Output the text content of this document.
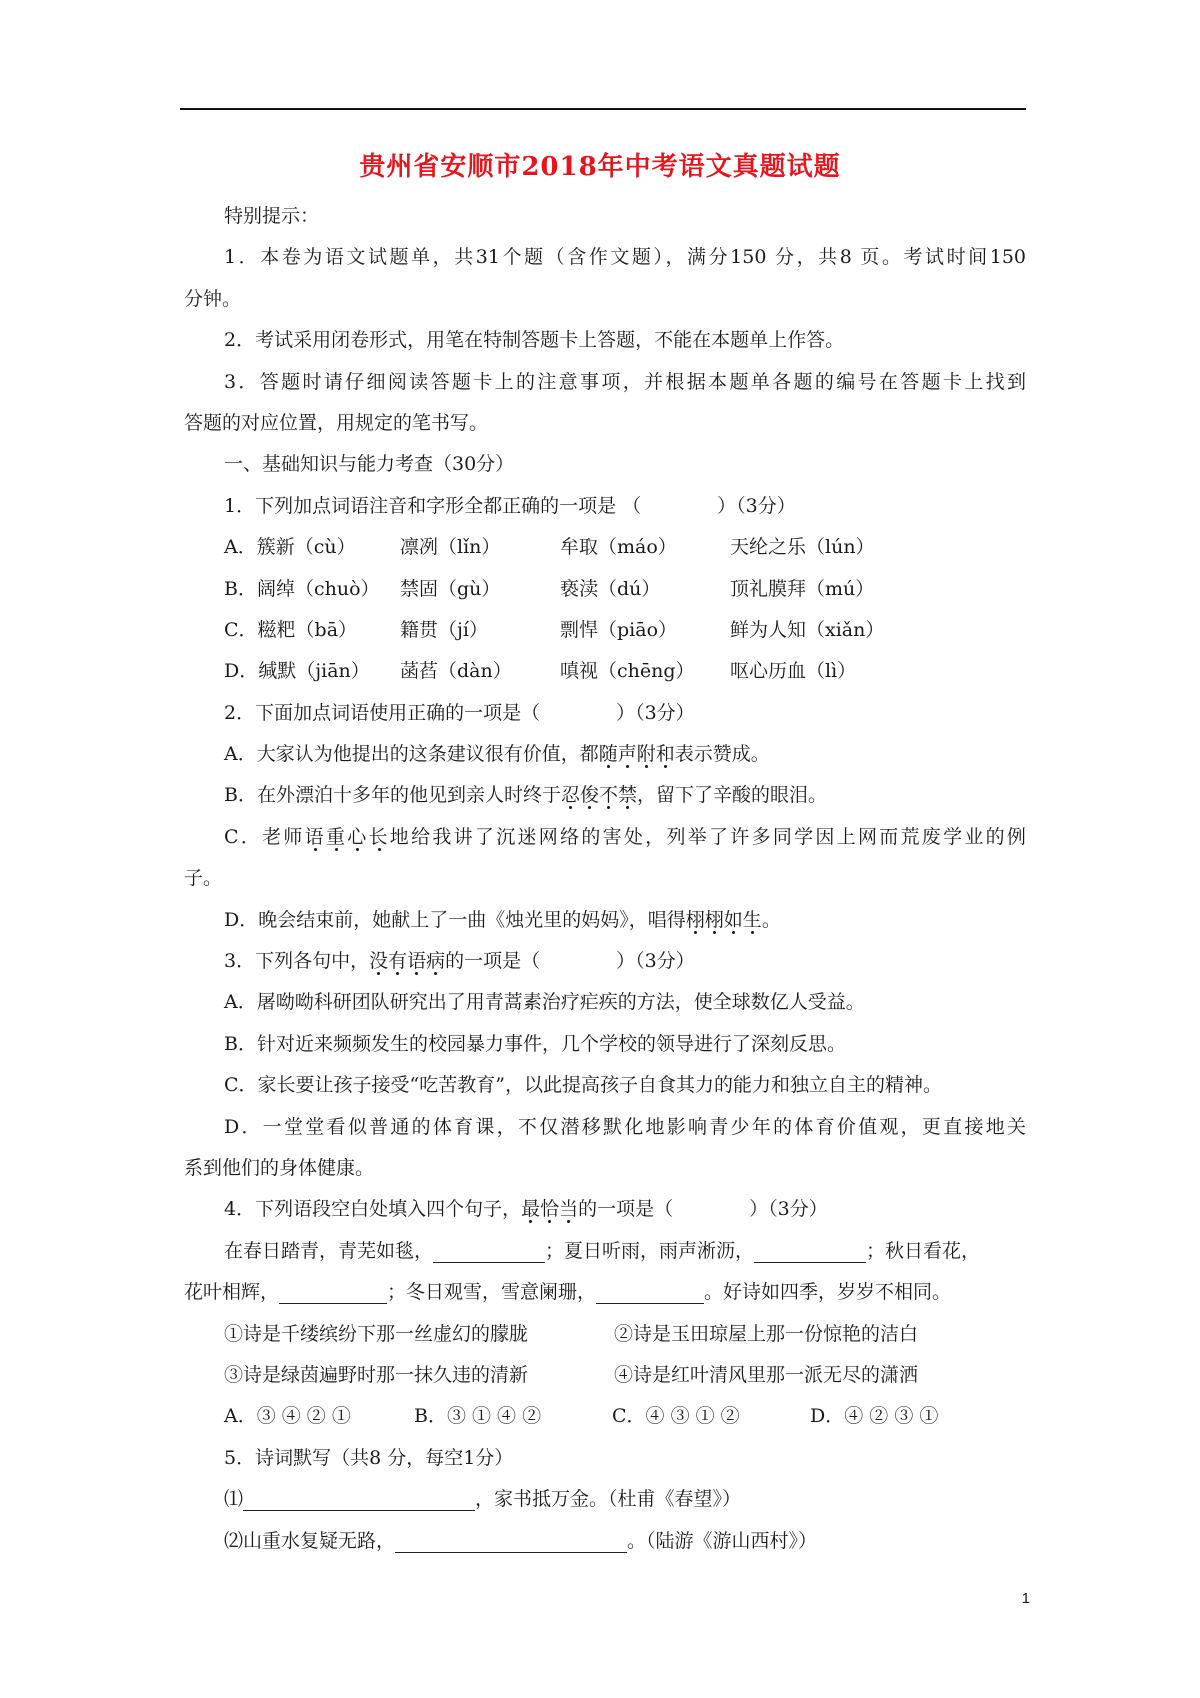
贵州省安顺市2018年中考语文真题试题
特别提示：
1．本卷为语文试题单，共31个题（含作文题），满分150 分，共8 页。考试时间150
分钟。
2．考试采用闭卷形式，用笔在特制答题卡上答题，不能在本题单上作答。
3．答题时请仔细阅读答题卡上的注意事项，并根据本题单各题的编号在答题卡上找到
答题的对应位置，用规定的笔书写。
一、基础知识与能力考查（30分）
1．下列加点词语注音和字形全都正确的一项是 （　　　　）（3分）
A．簇新（cù） 凛冽（lǐn）	牟取（máo）	天纶之乐（lún）
B．阔绰（chuò） 禁固（gù）	亵渎（dú）	顶礼膜拜（mú）
C．糍粑（bā） 籍贯（jí）	剽悍（piāo）	鲜为人知（xiǎn）
D．缄默（jiān） 菡萏（dàn）	嗔视（chēng） 呕心历血（lì）
2．下面加点词语使用正确的一项是（　　　　）（3分）
A．大家认为他提出的这条建议很有价值，都随声附和表示赞成。
B．在外漂泊十多年的他见到亲人时终于忍俊不禁，留下了辛酸的眼泪。
C．老师语重心长地给我讲了沉迷网络的害处，列举了许多同学因上网而荒废学业的例
子。
D．晚会结束前，她献上了一曲《烛光里的妈妈》，唱得栩栩如生。
3．下列各句中，没有语病的一项是（　　　　）（3分）
A．屠呦呦科研团队研究出了用青蒿素治疗疟疾的方法，使全球数亿人受益。
B．针对近来频频发生的校园暴力事件，几个学校的领导进行了深刻反思。
C．家长要让孩子接受“吃苦教育”，以此提高孩子自食其力的能力和独立自主的精神。
D．一堂堂看似普通的体育课，不仅潜移默化地影响青少年的体育价值观，更直接地关
系到他们的身体健康。
4．下列语段空白处填入四个句子，最恰当的一项是（　　　　）（3分）
在春日踏青，青芜如毯，	；夏日听雨，雨声淅沥，	；秋日看花，
花叶相辉，	；冬日观雪，雪意阑珊，	。好诗如四季，岁岁不相同。
①诗是千缕缤纷下那一丝虚幻的朦胧	②诗是玉田琼屋上那一份惊艳的洁白
③诗是绿茵遍野时那一抹久违的清新	④诗是红叶清风里那一派无尽的潇洒
A．③ ④ ② ①	B．③ ① ④ ②	C．④ ③ ① ②	D．④ ② ③ ①
5．诗词默写（共8 分，每空1分）
⑴	，家书抵万金。（杜甫《春望》）
⑵山重水复疑无路，	。（陆游《游山西村》）
1
